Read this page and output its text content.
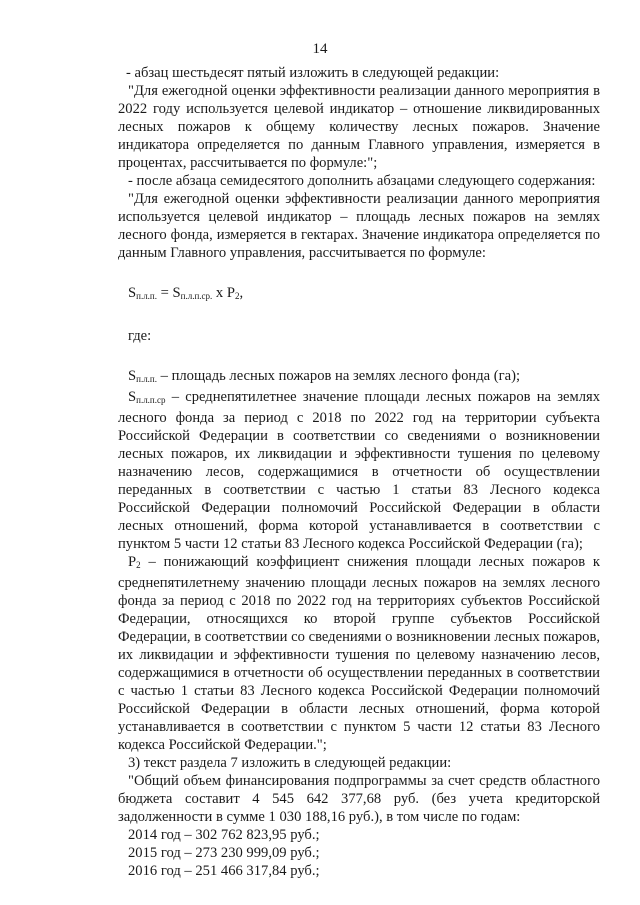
14

- абзац шестьдесят пятый изложить в следующей редакции:

"Для ежегодной оценки эффективности реализации данного мероприятия в 2022 году используется целевой индикатор – отношение ликвидированных лесных пожаров к общему количеству лесных пожаров. Значение индикатора определяется по данным Главного управления, измеряется в процентах, рассчитывается по формуле:";

- после абзаца семидесятого дополнить абзацами следующего содержания:

"Для ежегодной оценки эффективности реализации данного мероприятия используется целевой индикатор – площадь лесных пожаров на землях лесного фонда, измеряется в гектарах. Значение индикатора определяется по данным Главного управления, рассчитывается по формуле:

$S_{п.л.п.} = S_{п.л.п.ср.}$ x $P_2$,

где:

$S_{п.л.п.}$ – площадь лесных пожаров на землях лесного фонда (га);

$S_{п.л.п.ср}$ – среднепятилетнее значение площади лесных пожаров на землях лесного фонда за период с 2018 по 2022 год на территории субъекта Российской Федерации в соответствии со сведениями о возникновении лесных пожаров, их ликвидации и эффективности тушения по целевому назначению лесов, содержащимися в отчетности об осуществлении переданных в соответствии с частью 1 статьи 83 Лесного кодекса Российской Федерации полномочий Российской Федерации в области лесных отношений, форма которой устанавливается в соответствии с пунктом 5 части 12 статьи 83 Лесного кодекса Российской Федерации (га);

$P_2$ – понижающий коэффициент снижения площади лесных пожаров к среднепятилетнему значению площади лесных пожаров на землях лесного фонда за период с 2018 по 2022 год на территориях субъектов Российской Федерации, относящихся ко второй группе субъектов Российской Федерации, в соответствии со сведениями о возникновении лесных пожаров, их ликвидации и эффективности тушения по целевому назначению лесов, содержащимися в отчетности об осуществлении переданных в соответствии с частью 1 статьи 83 Лесного кодекса Российской Федерации полномочий Российской Федерации в области лесных отношений, форма которой устанавливается в соответствии с пунктом 5 части 12 статьи 83 Лесного кодекса Российской Федерации.";

3) текст раздела 7 изложить в следующей редакции:

"Общий объем финансирования подпрограммы за счет средств областного бюджета составит 4 545 642 377,68 руб. (без учета кредиторской задолженности в сумме 1 030 188,16 руб.), в том числе по годам:

2014 год – 302 762 823,95 руб.;

2015 год – 273 230 999,09 руб.;

2016 год – 251 466 317,84 руб.;
